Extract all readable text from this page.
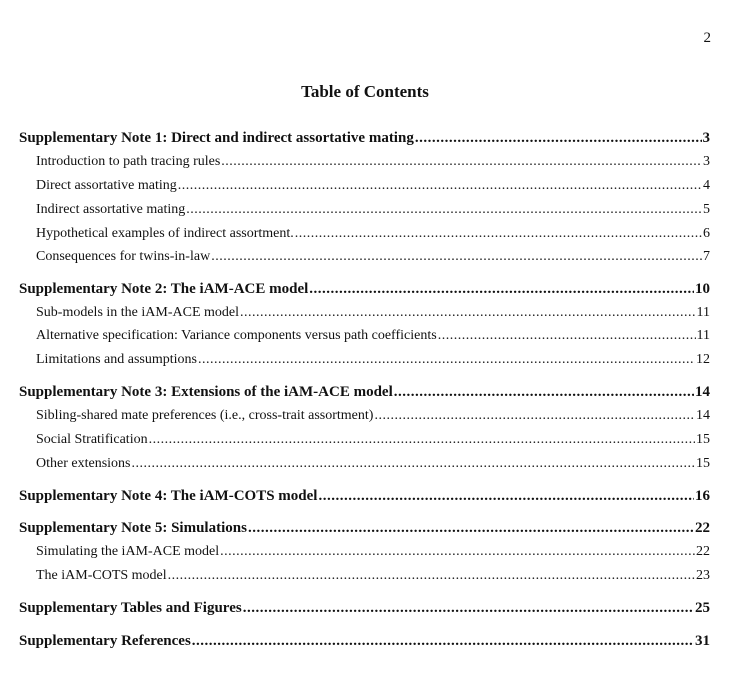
2
Table of Contents
Supplementary Note 1: Direct and indirect assortative mating .....	3
Introduction to path tracing rules .....	3
Direct assortative mating .....	4
Indirect assortative mating .....	5
Hypothetical examples of indirect assortment. .....	6
Consequences for twins-in-law .....	7
Supplementary Note 2: The iAM-ACE model .....	10
Sub-models in the iAM-ACE model .....	11
Alternative specification: Variance components versus path coefficients .....	11
Limitations and assumptions .....	12
Supplementary Note 3: Extensions of the iAM-ACE model .....	14
Sibling-shared mate preferences (i.e., cross-trait assortment) .....	14
Social Stratification .....	15
Other extensions .....	15
Supplementary Note 4: The iAM-COTS model .....	16
Supplementary Note 5: Simulations .....	22
Simulating the iAM-ACE model .....	22
The iAM-COTS model .....	23
Supplementary Tables and Figures .....	25
Supplementary References .....	31
